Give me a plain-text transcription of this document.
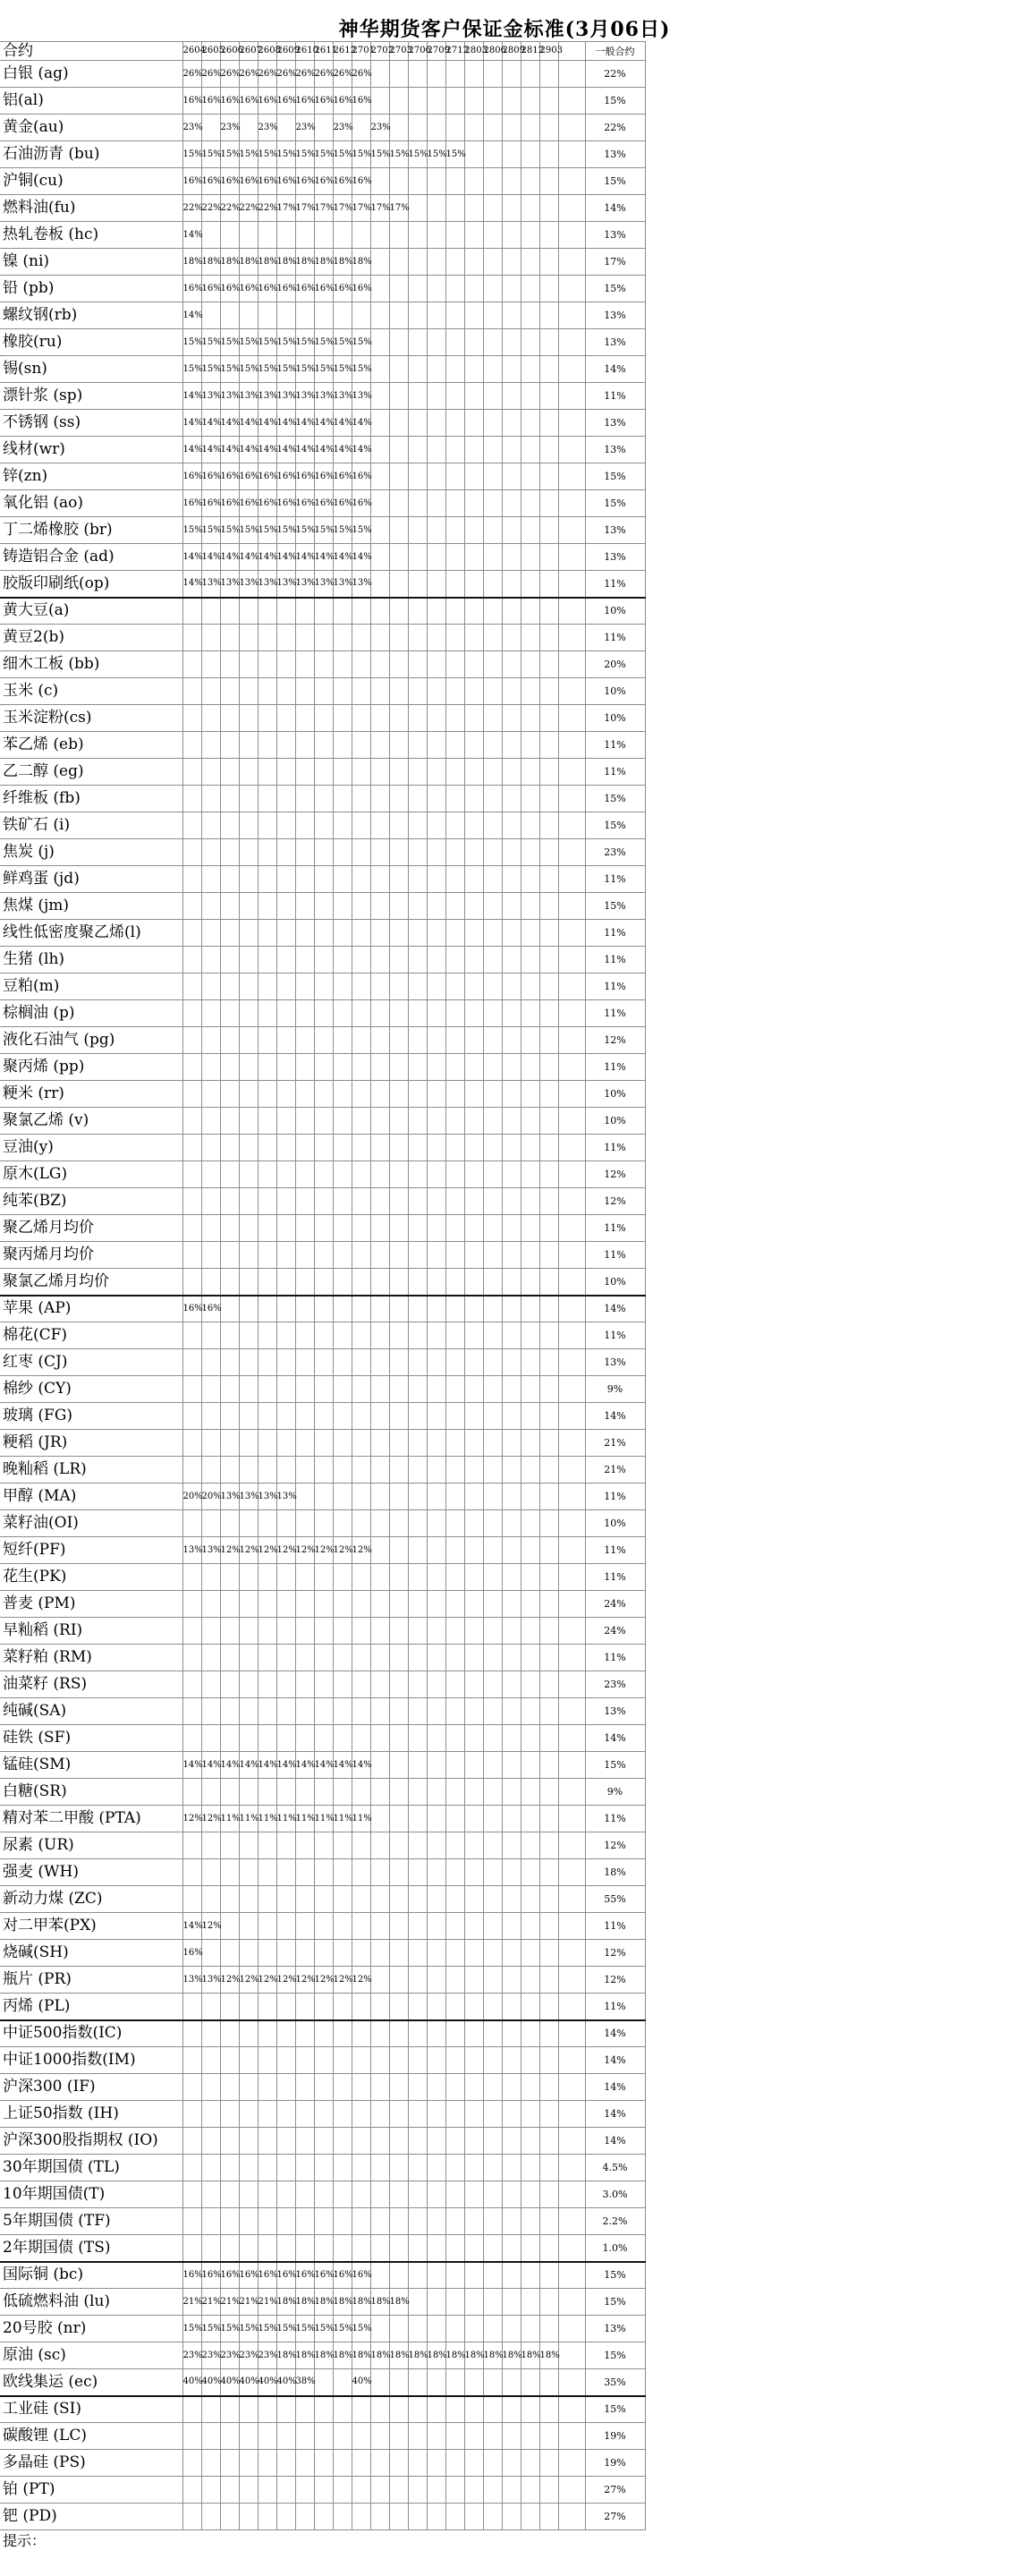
神华期货客户保证金标准(3月06日)
合约	2604	2605	2606	2607	2608	2609	2610	2611	2612	2701	2702	2703	2706	2709	2712	2803	2806	2809	2812	2903		一般合约
白银 (ag)	26%	26%	26%	26%	26%	26%	26%	26%	26%	26%												22%
铝(al)	16%	16%	16%	16%	16%	16%	16%	16%	16%	16%												15%
黄金(au)	23%		23%		23%		23%		23%		23%											22%
石油沥青 (bu)	15%	15%	15%	15%	15%	15%	15%	15%	15%	15%	15%	15%	15%	15%	15%							13%
沪铜(cu)	16%	16%	16%	16%	16%	16%	16%	16%	16%	16%												15%
燃料油(fu)	22%	22%	22%	22%	22%	17%	17%	17%	17%	17%	17%	17%										14%
热轧卷板 (hc)	14%																					13%
镍 (ni)	18%	18%	18%	18%	18%	18%	18%	18%	18%	18%												17%
铅 (pb)	16%	16%	16%	16%	16%	16%	16%	16%	16%	16%												15%
螺纹钢(rb)	14%																					13%
橡胶(ru)	15%	15%	15%	15%	15%	15%	15%	15%	15%	15%												13%
锡(sn)	15%	15%	15%	15%	15%	15%	15%	15%	15%	15%												14%
漂针浆 (sp)	14%	13%	13%	13%	13%	13%	13%	13%	13%	13%												11%
不锈钢 (ss)	14%	14%	14%	14%	14%	14%	14%	14%	14%	14%												13%
线材(wr)	14%	14%	14%	14%	14%	14%	14%	14%	14%	14%												13%
锌(zn)	16%	16%	16%	16%	16%	16%	16%	16%	16%	16%												15%
氧化铝 (ao)	16%	16%	16%	16%	16%	16%	16%	16%	16%	16%												15%
丁二烯橡胶 (br)	15%	15%	15%	15%	15%	15%	15%	15%	15%	15%												13%
铸造铝合金 (ad)	14%	14%	14%	14%	14%	14%	14%	14%	14%	14%												13%
胶版印刷纸(op)	14%	13%	13%	13%	13%	13%	13%	13%	13%	13%												11%
黄大豆(a)																						10%
黄豆2(b)																						11%
细木工板 (bb)																						20%
玉米 (c)																						10%
玉米淀粉(cs)																						10%
苯乙烯 (eb)																						11%
乙二醇 (eg)																						11%
纤维板 (fb)																						15%
铁矿石 (i)																						15%
焦炭 (j)																						23%
鲜鸡蛋 (jd)																						11%
焦煤 (jm)																						15%
线性低密度聚乙烯(l)																						11%
生猪 (lh)																						11%
豆粕(m)																						11%
棕榈油 (p)																						11%
液化石油气 (pg)																						12%
聚丙烯 (pp)																						11%
粳米 (rr)																						10%
聚氯乙烯 (v)																						10%
豆油(y)																						11%
原木(LG)																						12%
纯苯(BZ)																						12%
聚乙烯月均价																						11%
聚丙烯月均价																						11%
聚氯乙烯月均价																						10%
苹果 (AP)	16%	16%																				14%
棉花(CF)																						11%
红枣 (CJ)																						13%
棉纱 (CY)																						9%
玻璃 (FG)																						14%
粳稻 (JR)																						21%
晚籼稻 (LR)																						21%
甲醇 (MA)	20%	20%	13%	13%	13%	13%																11%
菜籽油(OI)																						10%
短纤(PF)	13%	13%	12%	12%	12%	12%	12%	12%	12%	12%												11%
花生(PK)																						11%
普麦 (PM)																						24%
早籼稻 (RI)																						24%
菜籽粕 (RM)																						11%
油菜籽 (RS)																						23%
纯碱(SA)																						13%
硅铁 (SF)																						14%
锰硅(SM)	14%	14%	14%	14%	14%	14%	14%	14%	14%	14%												15%
白糖(SR)																						9%
精对苯二甲酸 (PTA)	12%	12%	11%	11%	11%	11%	11%	11%	11%	11%												11%
尿素 (UR)																						12%
强麦 (WH)																						18%
新动力煤 (ZC)																						55%
对二甲苯(PX)	14%	12%																				11%
烧碱(SH)	16%																					12%
瓶片 (PR)	13%	13%	12%	12%	12%	12%	12%	12%	12%	12%												12%
丙烯 (PL)																						11%
中证500指数(IC)																						14%
中证1000指数(IM)																						14%
沪深300 (IF)																						14%
上证50指数 (IH)																						14%
沪深300股指期权 (IO)																						14%
30年期国债 (TL)																						4.5%
10年期国债(T)																						3.0%
5年期国债 (TF)																						2.2%
2年期国债 (TS)																						1.0%
国际铜 (bc)	16%	16%	16%	16%	16%	16%	16%	16%	16%	16%												15%
低硫燃料油 (lu)	21%	21%	21%	21%	21%	18%	18%	18%	18%	18%	18%	18%										15%
20号胶 (nr)	15%	15%	15%	15%	15%	15%	15%	15%	15%	15%												13%
原油 (sc)	23%	23%	23%	23%	23%	18%	18%	18%	18%	18%	18%	18%	18%	18%	18%	18%	18%	18%	18%	18%		15%
欧线集运 (ec)	40%	40%	40%	40%	40%	40%	38%			40%												35%
工业硅 (SI)																						15%
碳酸锂 (LC)																						19%
多晶硅 (PS)																						19%
铂 (PT)																						27%
钯 (PD)																						27%
提示：																						
